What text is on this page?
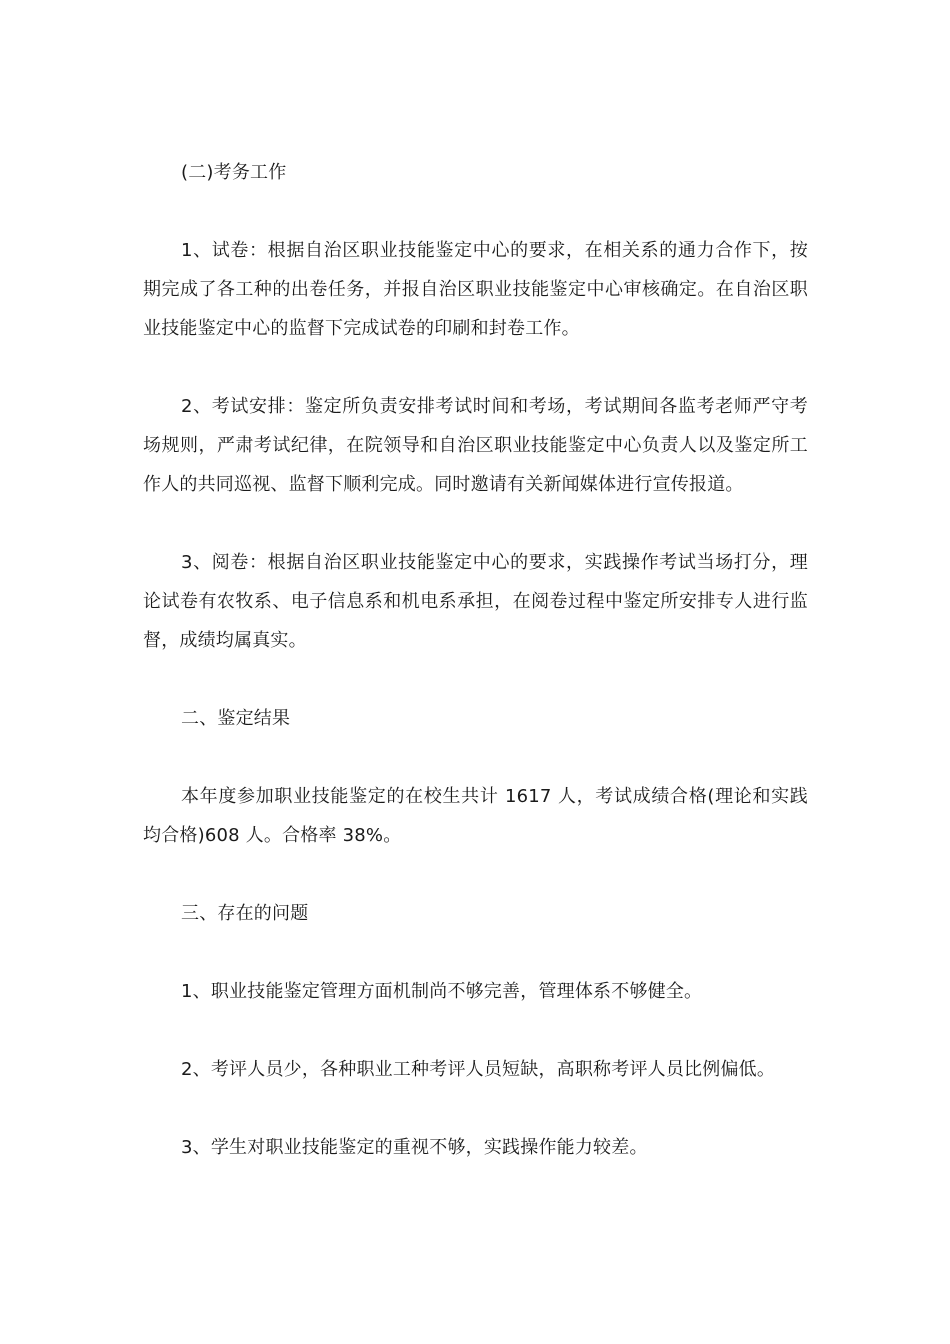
(二)考务工作

1、试卷：根据自治区职业技能鉴定中心的要求，在相关系的通力合作下，按期完成了各工种的出卷任务，并报自治区职业技能鉴定中心审核确定。在自治区职业技能鉴定中心的监督下完成试卷的印刷和封卷工作。

2、考试安排：鉴定所负责安排考试时间和考场，考试期间各监考老师严守考场规则，严肃考试纪律，在院领导和自治区职业技能鉴定中心负责人以及鉴定所工作人的共同巡视、监督下顺利完成。同时邀请有关新闻媒体进行宣传报道。

3、阅卷：根据自治区职业技能鉴定中心的要求，实践操作考试当场打分，理论试卷有农牧系、电子信息系和机电系承担，在阅卷过程中鉴定所安排专人进行监督，成绩均属真实。

二、鉴定结果

本年度参加职业技能鉴定的在校生共计 1617 人，考试成绩合格(理论和实践均合格)608 人。合格率 38%。

三、存在的问题

1、职业技能鉴定管理方面机制尚不够完善，管理体系不够健全。

2、考评人员少，各种职业工种考评人员短缺，高职称考评人员比例偏低。

3、学生对职业技能鉴定的重视不够，实践操作能力较差。
